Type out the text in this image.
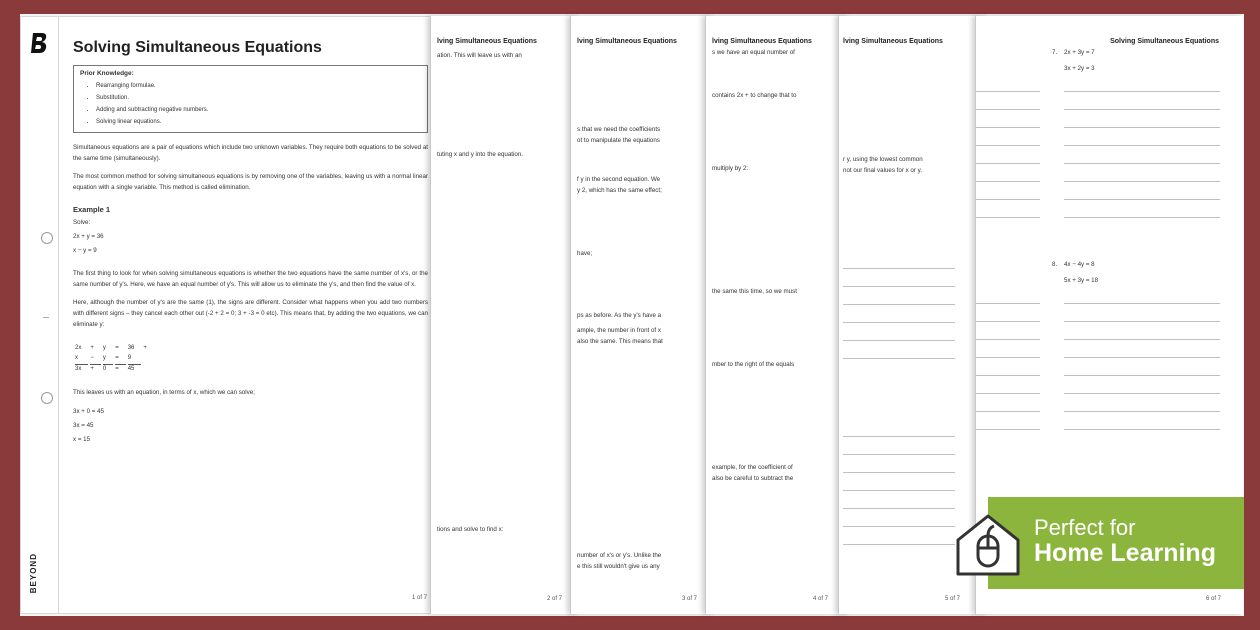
BEYOND
Solving Simultaneous Equations
Prior Knowledge:
• Rearranging formulae.
• Substitution.
• Adding and subtracting negative numbers.
• Solving linear equations.
Simultaneous equations are a pair of equations which include two unknown variables. They require both equations to be solved at the same time (simultaneously).
The most common method for solving simultaneous equations is by removing one of the variables, leaving us with a normal linear equation with a single variable. This method is called elimination.
Example 1
Solve:
2x + y = 36
x − y = 9
The first thing to look for when solving simultaneous equations is whether the two equations have the same number of x's, or the same number of y's. Here, we have an equal number of y's. This will allow us to eliminate the y's, and then find the value of x.
Here, although the number of y's are the same (1), the signs are different. Consider what happens when you add two numbers with different signs – they cancel each other out (-2 + 2 = 0; 3 + -3 = 0 etc). This means that, by adding the two equations, we can eliminate y:
2x	+	y	=	36	+
x	−	y	=	9	
3x	+	0	=	45	
This leaves us with an equation, in terms of x, which we can solve;
3x + 0 = 45
3x = 45
x = 15
1 of 7
lving Simultaneous Equations
ation. This will leave us with an
tuting x and y into the equation.
tions and solve to find x:
2 of 7
lving Simultaneous Equations
s that we need the coefficients
ot to manipulate the equations
f y in the second equation. We
y 2, which has the same effect;
have;
ps as before. As the y's have a
ample, the number in front of x
also the same. This means that
number of x's or y's. Unlike the
e this still wouldn't give us any
3 of 7
lving Simultaneous Equations
s we have an equal number of
contains 2x + to change that to
multiply by 2:
the same this time, so we must
mber to the right of the equals
example, for the coefficient of
also be careful to subtract the
4 of 7
lving Simultaneous Equations
r y, using the lowest common
not our final values for x or y.
5 of 7
Solving Simultaneous Equations
7. 2x + 3y = 7
3x + 2y = 3
8. 4x − 4y = 8
5x + 3y = 18
6 of 7
Perfect for
Home Learning
